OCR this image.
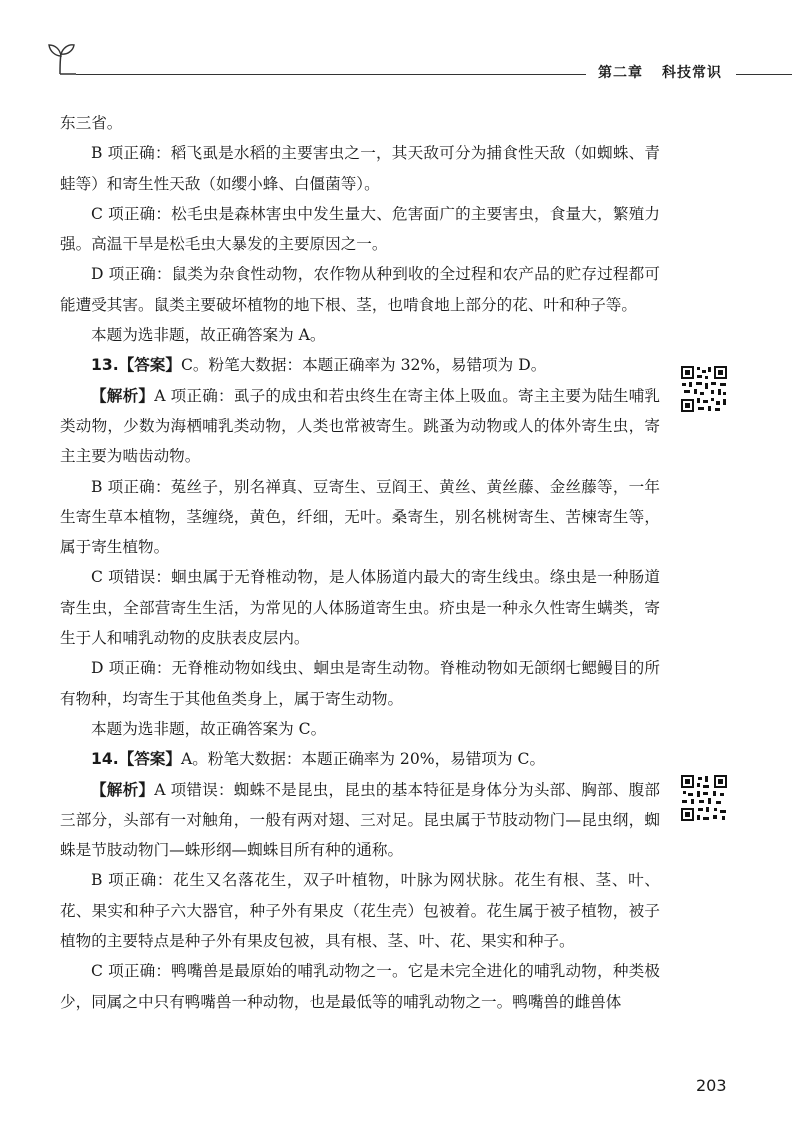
第二章 科技常识

东三省。

B 项正确：稻飞虱是水稻的主要害虫之一，其天敌可分为捕食性天敌（如蜘蛛、青蛙等）和寄生性天敌（如缨小蜂、白僵菌等）。

C 项正确：松毛虫是森林害虫中发生量大、危害面广的主要害虫，食量大，繁殖力强。高温干旱是松毛虫大暴发的主要原因之一。

D 项正确：鼠类为杂食性动物，农作物从种到收的全过程和农产品的贮存过程都可能遭受其害。鼠类主要破坏植物的地下根、茎，也啃食地上部分的花、叶和种子等。

本题为选非题，故正确答案为 A。

13.【答案】C。粉笔大数据：本题正确率为 32%，易错项为 D。

【解析】A 项正确：虱子的成虫和若虫终生在寄主体上吸血。寄主主要为陆生哺乳类动物，少数为海栖哺乳类动物，人类也常被寄生。跳蚤为动物或人的体外寄生虫，寄主主要为啮齿动物。

B 项正确：菟丝子，别名禅真、豆寄生、豆阎王、黄丝、黄丝藤、金丝藤等，一年生寄生草本植物，茎缠绕，黄色，纤细，无叶。桑寄生，别名桃树寄生、苦楝寄生等，属于寄生植物。

C 项错误：蛔虫属于无脊椎动物，是人体肠道内最大的寄生线虫。绦虫是一种肠道寄生虫，全部营寄生生活，为常见的人体肠道寄生虫。疥虫是一种永久性寄生螨类，寄生于人和哺乳动物的皮肤表皮层内。

D 项正确：无脊椎动物如线虫、蛔虫是寄生动物。脊椎动物如无颌纲七鳃鳗目的所有物种，均寄生于其他鱼类身上，属于寄生动物。

本题为选非题，故正确答案为 C。

14.【答案】A。粉笔大数据：本题正确率为 20%，易错项为 C。

【解析】A 项错误：蜘蛛不是昆虫，昆虫的基本特征是身体分为头部、胸部、腹部三部分，头部有一对触角，一般有两对翅、三对足。昆虫属于节肢动物门—昆虫纲，蜘蛛是节肢动物门—蛛形纲—蜘蛛目所有种的通称。

B 项正确：花生又名落花生，双子叶植物，叶脉为网状脉。花生有根、茎、叶、花、果实和种子六大器官，种子外有果皮（花生壳）包被着。花生属于被子植物，被子植物的主要特点是种子外有果皮包被，具有根、茎、叶、花、果实和种子。

C 项正确：鸭嘴兽是最原始的哺乳动物之一。它是未完全进化的哺乳动物，种类极少，同属之中只有鸭嘴兽一种动物，也是最低等的哺乳动物之一。鸭嘴兽的雌兽体

203
